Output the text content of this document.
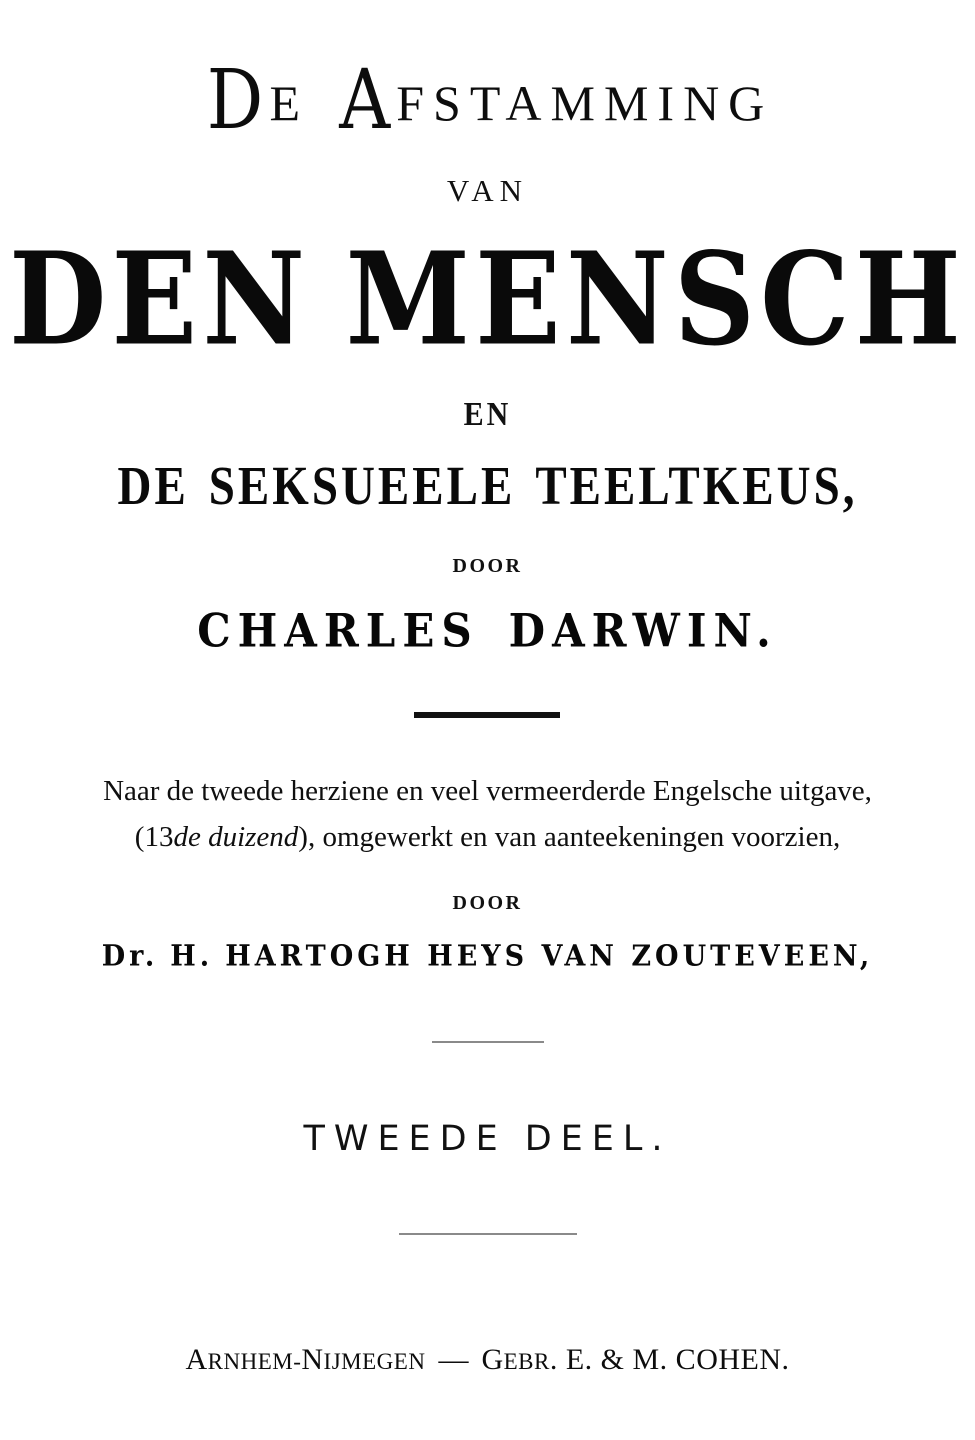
DE AFSTAMMING
VAN
DEN MENSCH
EN
DE SEKSUEELE TEELTKEUS,
DOOR
CHARLES DARWIN.
Naar de tweede herziene en veel vermeerderde Engelsche uitgave,
(13de duizend), omgewerkt en van aanteekeningen voorzien,
DOOR
Dr. H. HARTOGH HEYS VAN ZOUTEVEEN,
TWEEDE DEEL.
ARNHEM-NIJMEGEN — GEBR. E. & M. COHEN.
